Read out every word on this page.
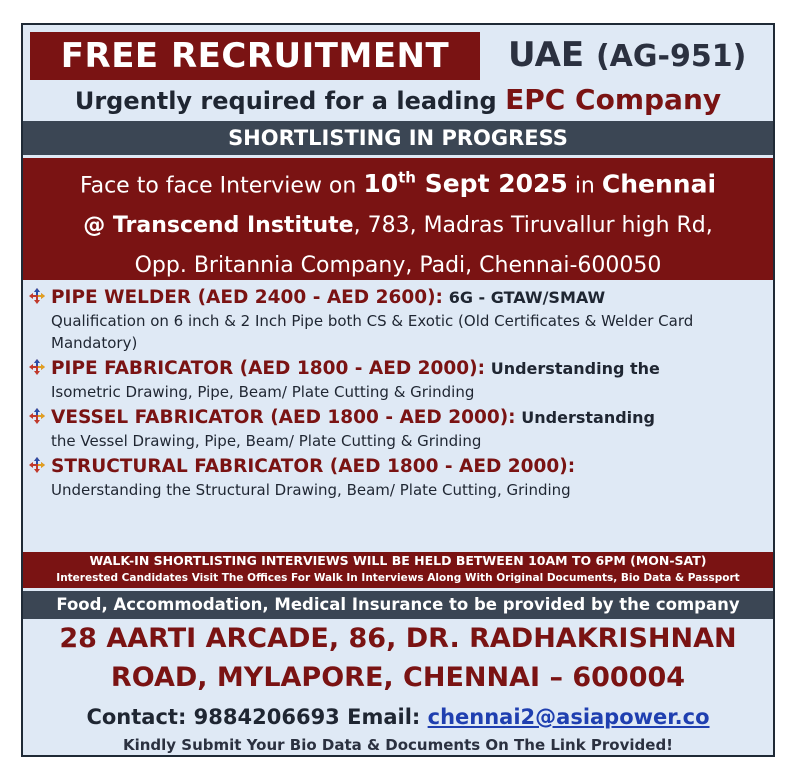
FREE RECRUITMENT	UAE (AG-951)
Urgently required for a leading EPC Company
SHORTLISTING IN PROGRESS
Face to face Interview on 10th Sept 2025 in Chennai
@ Transcend Institute, 783, Madras Tiruvallur high Rd,
Opp. Britannia Company, Padi, Chennai-600050
PIPE WELDER (AED 2400 - AED 2600): 6G - GTAW/SMAW
Qualification on 6 inch & 2 Inch Pipe both CS & Exotic (Old Certificates & Welder Card Mandatory)
PIPE FABRICATOR (AED 1800 - AED 2000): Understanding the
Isometric Drawing, Pipe, Beam/ Plate Cutting & Grinding
VESSEL FABRICATOR (AED 1800 - AED 2000): Understanding
the Vessel Drawing, Pipe, Beam/ Plate Cutting & Grinding
STRUCTURAL FABRICATOR (AED 1800 - AED 2000):
Understanding the Structural Drawing, Beam/ Plate Cutting, Grinding
WALK-IN SHORTLISTING INTERVIEWS WILL BE HELD BETWEEN 10AM TO 6PM (MON-SAT)
Interested Candidates Visit The Offices For Walk In Interviews Along With Original Documents, Bio Data & Passport
Food, Accommodation, Medical Insurance to be provided by the company
28 AARTI ARCADE, 86, DR. RADHAKRISHNAN
ROAD, MYLAPORE, CHENNAI – 600004
Contact: 9884206693 Email: chennai2@asiapower.co
Kindly Submit Your Bio Data & Documents On The Link Provided!
